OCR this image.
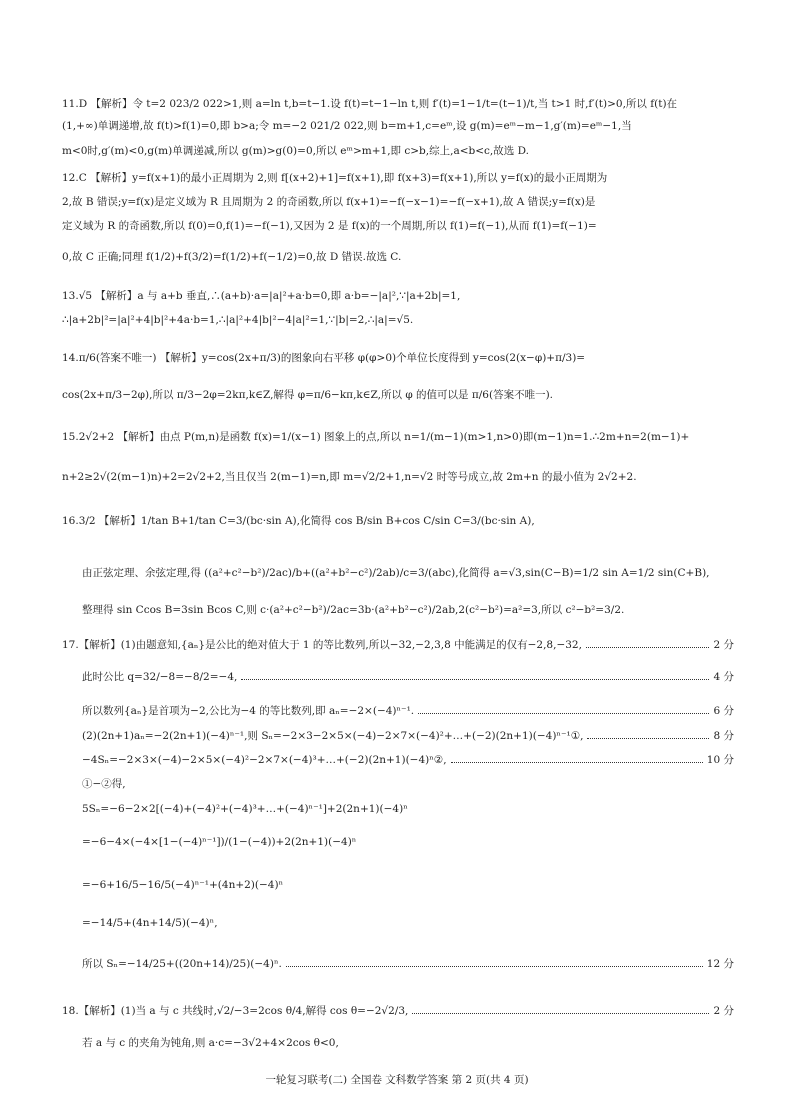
11.D 【解析】令 t=2 023/2 022>1,则 a=ln t,b=t−1.设 f(t)=t−1−ln t,则 f′(t)=1−1/t=(t−1)/t,当 t>1 时,f′(t)>0,所以 f(t)在
(1,+∞)单调递增,故 f(t)>f(1)=0,即 b>a;令 m=−2 021/2 022,则 b=m+1,c=eᵐ,设 g(m)=eᵐ−m−1,g′(m)=eᵐ−1,当
m<0时,g′(m)<0,g(m)单调递减,所以 g(m)>g(0)=0,所以 eᵐ>m+1,即 c>b,综上,a<b<c,故选 D.
12.C 【解析】y=f(x+1)的最小正周期为 2,则 f[(x+2)+1]=f(x+1),即 f(x+3)=f(x+1),所以 y=f(x)的最小正周期为
2,故 B 错误;y=f(x)是定义域为 R 且周期为 2 的奇函数,所以 f(x+1)=−f(−x−1)=−f(−x+1),故 A 错误;y=f(x)是
定义域为 R 的奇函数,所以 f(0)=0,f(1)=−f(−1),又因为 2 是 f(x)的一个周期,所以 f(1)=f(−1),从而 f(1)=f(−1)=
0,故 C 正确;同理 f(1/2)+f(3/2)=f(1/2)+f(−1/2)=0,故 D 错误.故选 C.
13.√5 【解析】a 与 a+b 垂直,∴(a+b)·a=|a|²+a·b=0,即 a·b=−|a|²,∵|a+2b|=1,
∴|a+2b|²=|a|²+4|b|²+4a·b=1,∴|a|²+4|b|²−4|a|²=1,∵|b|=2,∴|a|=√5.
14.π/6(答案不唯一) 【解析】y=cos(2x+π/3)的图象向右平移 φ(φ>0)个单位长度得到 y=cos(2(x−φ)+π/3)=
cos(2x+π/3−2φ),所以 π/3−2φ=2kπ,k∈Z,解得 φ=π/6−kπ,k∈Z,所以 φ 的值可以是 π/6(答案不唯一).
15.2√2+2 【解析】由点 P(m,n)是函数 f(x)=1/(x−1) 图象上的点,所以 n=1/(m−1)(m>1,n>0)即(m−1)n=1.∴2m+n=2(m−1)+
n+2≥2√(2(m−1)n)+2=2√2+2,当且仅当 2(m−1)=n,即 m=√2/2+1,n=√2 时等号成立,故 2m+n 的最小值为 2√2+2.
16.3/2 【解析】1/tan B+1/tan C=3/(bc·sin A),化简得 cos B/sin B+cos C/sin C=3/(bc·sin A),
由正弦定理、余弦定理,得 ((a²+c²−b²)/2ac)/b+((a²+b²−c²)/2ab)/c=3/(abc),化简得 a=√3,sin(C−B)=1/2 sin A=1/2 sin(C+B),
整理得 sin Ccos B=3sin Bcos C,则 c·(a²+c²−b²)/2ac=3b·(a²+b²−c²)/2ab,2(c²−b²)=a²=3,所以 c²−b²=3/2.
17.【解析】(1)由题意知,{aₙ}是公比的绝对值大于 1 的等比数列,所以−32,−2,3,8 中能满足的仅有−2,8,−32,	2 分
此时公比 q=32/−8=−8/2=−4,	4 分
所以数列{aₙ}是首项为−2,公比为−4 的等比数列,即 aₙ=−2×(−4)ⁿ⁻¹.	6 分
(2)(2n+1)aₙ=−2(2n+1)(−4)ⁿ⁻¹,则 Sₙ=−2×3−2×5×(−4)−2×7×(−4)²+…+(−2)(2n+1)(−4)ⁿ⁻¹①,	8 分
−4Sₙ=−2×3×(−4)−2×5×(−4)²−2×7×(−4)³+…+(−2)(2n+1)(−4)ⁿ②,	10 分
①−②得,
5Sₙ=−6−2×2[(−4)+(−4)²+(−4)³+…+(−4)ⁿ⁻¹]+2(2n+1)(−4)ⁿ
=−6−4×(−4×[1−(−4)ⁿ⁻¹])/(1−(−4))+2(2n+1)(−4)ⁿ
=−6+16/5−16/5(−4)ⁿ⁻¹+(4n+2)(−4)ⁿ
=−14/5+(4n+14/5)(−4)ⁿ,
所以 Sₙ=−14/25+((20n+14)/25)(−4)ⁿ.	12 分
18.【解析】(1)当 a 与 c 共线时,√2/−3=2cos θ/4,解得 cos θ=−2√2/3,	2 分
若 a 与 c 的夹角为钝角,则 a·c=−3√2+4×2cos θ<0,
一轮复习联考(二) 全国卷 文科数学答案 第 2 页(共 4 页)
